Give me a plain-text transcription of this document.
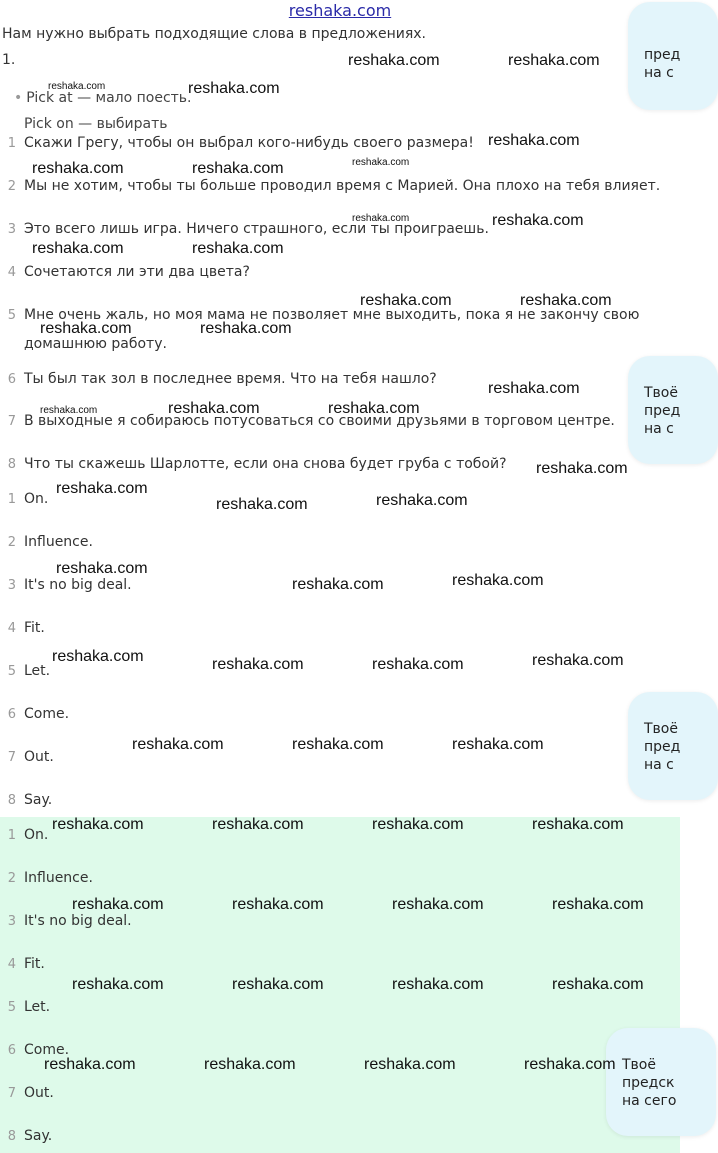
reshaka.com
Нам нужно выбрать подходящие слова в предложениях.
1.
• Pick at — мало поесть.
Pick on — выбирать
1 Скажи Грегу, чтобы он выбрал кого-нибудь своего размера!
2 Мы не хотим, чтобы ты больше проводил время с Марией. Она плохо на тебя влияет.
3 Это всего лишь игра. Ничего страшного, если ты проиграешь.
4 Сочетаются ли эти два цвета?
5 Мне очень жаль, но моя мама не позволяет мне выходить, пока я не закончу свою
домашнюю работу.
6 Ты был так зол в последнее время. Что на тебя нашло?
7 В выходные я собираюсь потусоваться со своими друзьями в торговом центре.
8 Что ты скажешь Шарлотте, если она снова будет груба с тобой?
1 On.
2 Influence.
3 It's no big deal.
4 Fit.
5 Let.
6 Come.
7 Out.
8 Say.
1 On.
2 Influence.
3 It's no big deal.
4 Fit.
5 Let.
6 Come.
7 Out.
8 Say.
пред
на с
Твоё
пред
на с
Твоё
пред
на с
Твоё
предск
на сего
reshaka.com	reshaka.com
reshaka.com	reshaka.com
reshaka.com
reshaka.com	reshaka.com	reshaka.com
reshaka.com	reshaka.com
reshaka.com	reshaka.com
reshaka.com	reshaka.com
reshaka.com	reshaka.com
reshaka.com
reshaka.com	reshaka.com	reshaka.com
reshaka.com
reshaka.com
reshaka.com	reshaka.com
reshaka.com
reshaka.com	reshaka.com
reshaka.com	reshaka.com	reshaka.com	reshaka.com
reshaka.com	reshaka.com	reshaka.com
reshaka.com	reshaka.com	reshaka.com	reshaka.com
reshaka.com	reshaka.com	reshaka.com	reshaka.com
reshaka.com	reshaka.com	reshaka.com	reshaka.com
reshaka.com	reshaka.com	reshaka.com	reshaka.com
